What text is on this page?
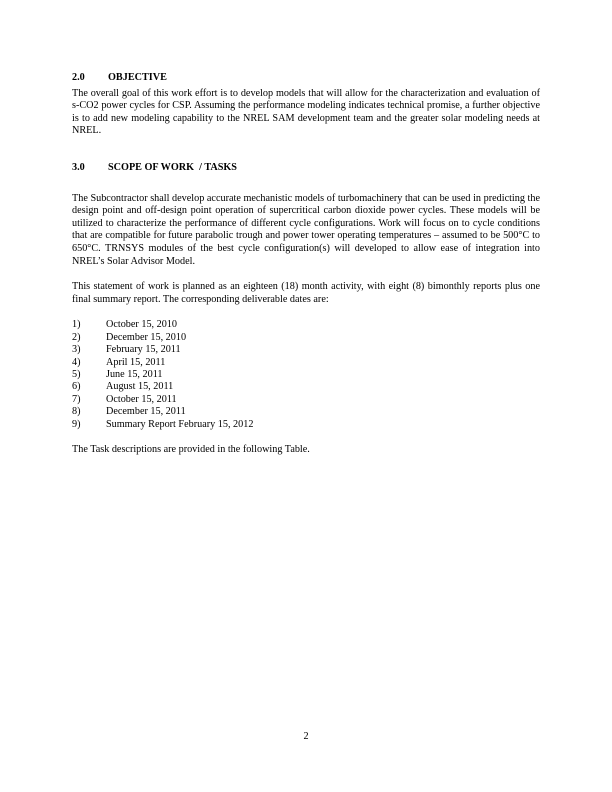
2.0	OBJECTIVE

The overall goal of this work effort is to develop models that will allow for the characterization and evaluation of s-CO2 power cycles for CSP. Assuming the performance modeling indicates technical promise, a further objective is to add new modeling capability to the NREL SAM development team and the greater solar modeling needs at NREL.

3.0	SCOPE OF WORK  / TASKS

The Subcontractor shall develop accurate mechanistic models of turbomachinery that can be used in predicting the design point and off-design point operation of supercritical carbon dioxide power cycles. These models will be utilized to characterize the performance of different cycle configurations. Work will focus on to cycle conditions that are compatible for future parabolic trough and power tower operating temperatures – assumed to be 500°C to 650°C. TRNSYS modules of the best cycle configuration(s) will developed to allow ease of integration into NREL’s Solar Advisor Model.

This statement of work is planned as an eighteen (18) month activity, with eight (8) bimonthly reports plus one final summary report. The corresponding deliverable dates are:

1)	October 15, 2010
2)	December 15, 2010
3)	February 15, 2011
4)	April 15, 2011
5)	June 15, 2011
6)	August 15, 2011
7)	October 15, 2011
8)	December 15, 2011
9)	Summary Report February 15, 2012

The Task descriptions are provided in the following Table.

2
